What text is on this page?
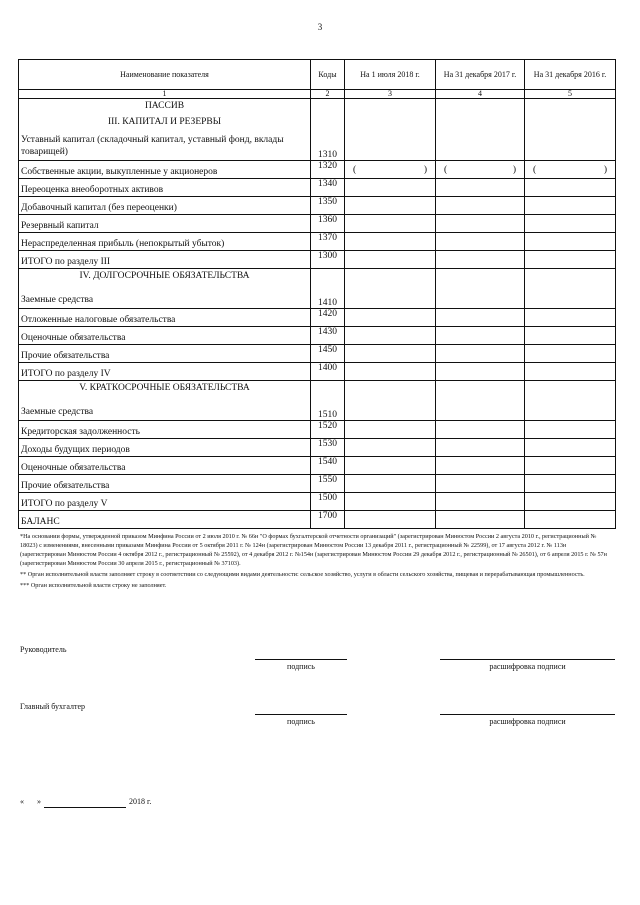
3
Наименование показателя	Коды	На 1 июля 2018 г.	На 31 декабря 2017 г.	На 31 декабря 2016 г.
1	2	3	4	5

ПАССИВ
III. КАПИТАЛ И РЕЗЕРВЫ
Уставный капитал (складочный капитал, уставный фонд, вклады товарищей)	1310			
Собственные акции, выкупленные у акционеров	1320	( )	( )	( )

Переоценка внеоборотных активов	1340			
Добавочный капитал (без переоценки)	1350			
Резервный капитал	1360			
Нераспределенная прибыль (непокрытый убыток)	1370			
ИТОГО по разделу III	1300			

IV. ДОЛГОСРОЧНЫЕ ОБЯЗАТЕЛЬСТВА
Заемные средства	1410			
Отложенные налоговые обязательства	1420			
Оценочные обязательства	1430			
Прочие обязательства	1450			
ИТОГО по разделу IV	1400			

V. КРАТКОСРОЧНЫЕ ОБЯЗАТЕЛЬСТВА
Заемные средства	1510			
Кредиторская задолженность	1520			
Доходы будущих периодов	1530			
Оценочные обязательства	1540			
Прочие обязательства	1550			
ИТОГО по разделу V	1500			
БАЛАНС	1700			

*На основании формы, утвержденной приказом Минфина России от 2 июля 2010 г. № 66н "О формах бухгалтерской отчетности организаций" (зарегистрирован Минюстом России 2 августа 2010 г., регистрационный № 18023) с изменениями, внесенными приказами Минфина России от 5 октября 2011 г. № 124н (зарегистрирован Минюстом России 13 декабря 2011 г., регистрационный № 22599), от 17 августа 2012 г. № 113н (зарегистрирован Минюстом России 4 октября 2012 г., регистрационный № 25592), от 4 декабря 2012 г. №154н (зарегистрирован Минюстом России 29 декабря 2012 г., регистрационный № 26501), от 6 апреля 2015 г. № 57н (зарегистрирован Минюстом России 30 апреля 2015 г., регистрационный № 37103).

** Орган исполнительной власти заполняет строку в соответствии со следующими видами деятельности: сельское хозяйство, услуги в области сельского хозяйства, пищевая и перерабатывающая промышленность.

*** Орган исполнительной власти строку не заполняет.

Руководитель
подпись	расшифровка подписи
Главный бухгалтер
подпись	расшифровка подписи
« »	2018 г.
